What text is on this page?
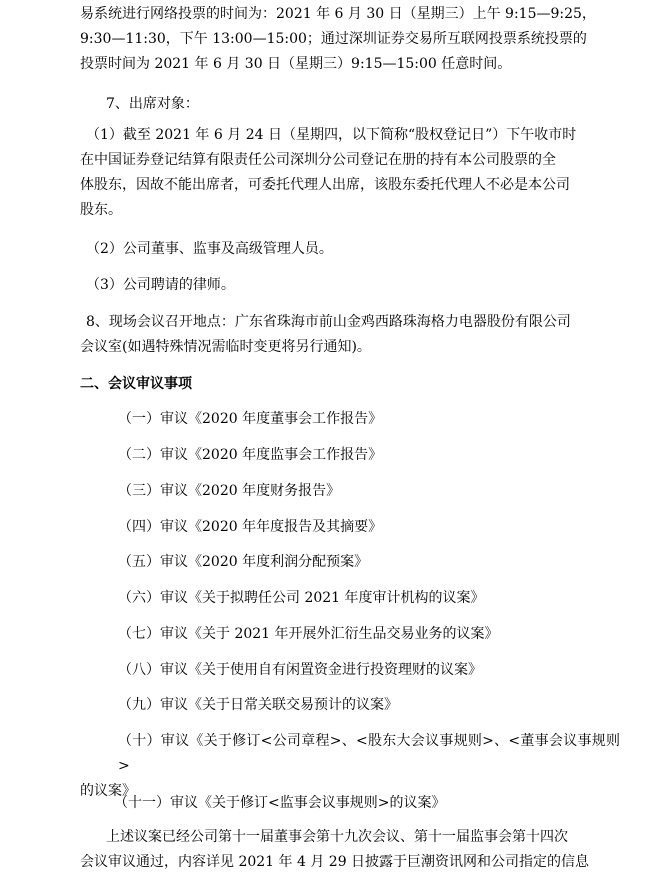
易系统进行网络投票的时间为：2021 年 6 月 30 日（星期三）上午 9:15—9:25，

9:30—11:30，下午 13:00—15:00；通过深圳证券交易所互联网投票系统投票的

投票时间为 2021 年 6 月 30 日（星期三）9:15—15:00 任意时间。

7、出席对象：

（1）截至 2021 年 6 月 24 日（星期四，以下简称“股权登记日”）下午收市时

在中国证券登记结算有限责任公司深圳分公司登记在册的持有本公司股票的全

体股东，因故不能出席者，可委托代理人出席，该股东委托代理人不必是本公司

股东。

（2）公司董事、监事及高级管理人员。

（3）公司聘请的律师。

8、现场会议召开地点：广东省珠海市前山金鸡西路珠海格力电器股份有限公司

会议室(如遇特殊情况需临时变更将另行通知)。

二、会议审议事项

（一）审议《2020 年度董事会工作报告》

（二）审议《2020 年度监事会工作报告》

（三）审议《2020 年度财务报告》

（四）审议《2020 年年度报告及其摘要》

（五）审议《2020 年度利润分配预案》

（六）审议《关于拟聘任公司 2021 年度审计机构的议案》

（七）审议《关于 2021 年开展外汇衍生品交易业务的议案》

（八）审议《关于使用自有闲置资金进行投资理财的议案》

（九）审议《关于日常关联交易预计的议案》

（十）审议《关于修订<公司章程>、<股东大会议事规则>、<董事会议事规则>

的议案》

（十一）审议《关于修订<监事会议事规则>的议案》

上述议案已经公司第十一届董事会第十九次会议、第十一届监事会第十四次

会议审议通过，内容详见 2021 年 4 月 29 日披露于巨潮资讯网和公司指定的信息
